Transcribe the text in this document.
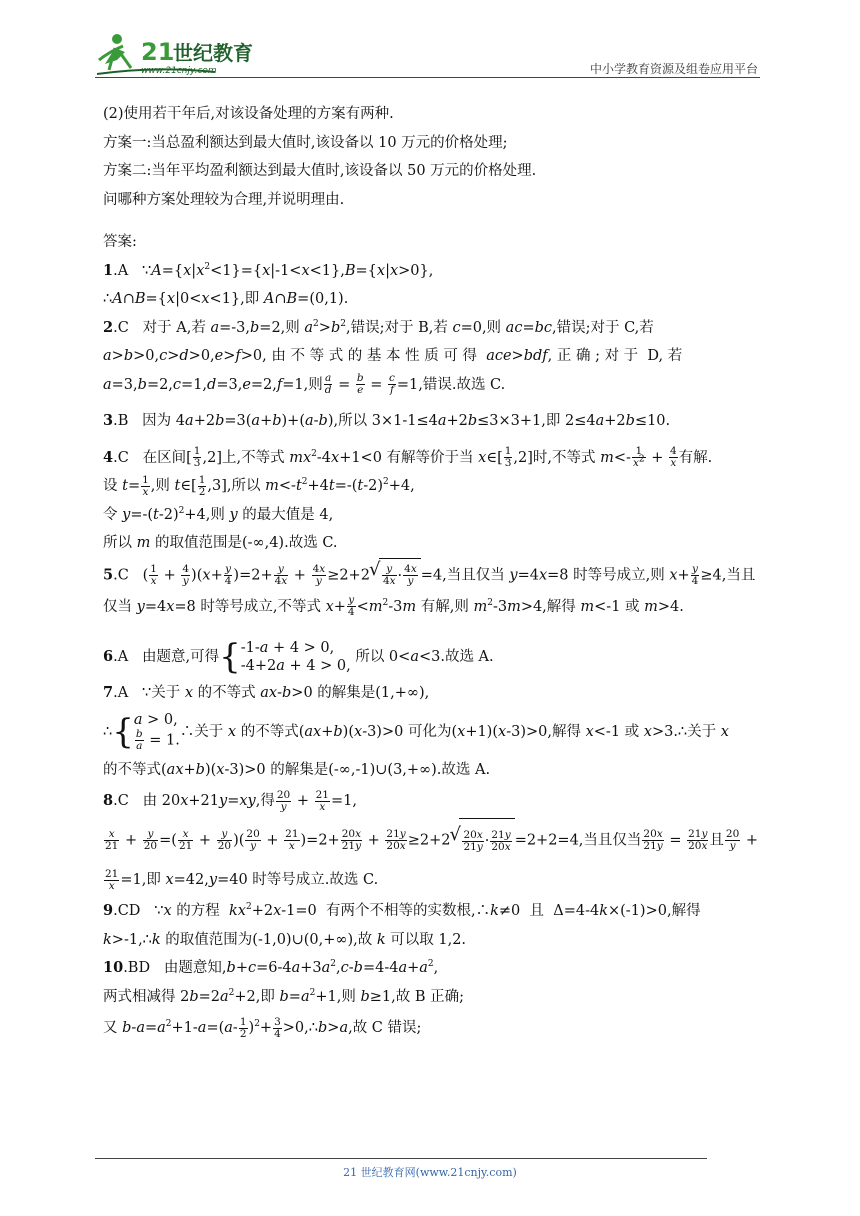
21
世纪教育
www.21cnjy.com	中小学教育资源及组卷应用平台
(2)使用若干年后,对该设备处理的方案有两种.
方案一:当总盈利额达到最大值时,该设备以 10 万元的价格处理;
方案二:当年平均盈利额达到最大值时,该设备以 50 万元的价格处理.
问哪种方案处理较为合理,并说明理由.
答案:
1.A   $\because A=\{x|x^2<1\}=\{x|-1<x<1\},B=\{x|x>0\}$,
∴A∩B={x|0<x<1},即 A∩B=(0,1).
2.C   对于 A,若 a=-3,b=2,则 $a^2>b^2$,错误;对于 B,若 c=0,则 ac=bc,错误;对于 C,若
a>b>0,c>d>0,e>f>0, 由 不 等 式 的 基 本 性 质 可 得  ace>bdf, 正 确 ; 对 于  D, 若
a=3,b=2,c=1,d=3,e=2,f=1,则 $\frac{a}{d} = \frac{b}{e} = \frac{c}{f} =1$,错误.故选 C.
3.B   因为 4a+2b=3(a+b)+(a-b),所以 3×1-1≤4a+2b≤3×3+1,即 2≤4a+2b≤10.
4.C   在区间[ $\frac{1}{3} ,2$]上,不等式 $mx^2-4x+1<0$ 有解等价于当 x∈[ $\frac{1}{3} ,2$]时,不等式 $m<- \frac{1}{x^2} + \frac{4}{x}$ 有解.
设 $t= \frac{1}{x}$ ,则 t∈[ $\frac{1}{2} ,3$],所以 $m<-t^2+4t=-(t-2)^2+4$,
令 $y=-(t-2)^2+4$,则 y 的最大值是 4,
所以 m 的取值范围是(-∞,4).故选 C.
5.C   ( $\frac{1}{x} + \frac{4}{y} )(x+ \frac{y}{4} )=2+ \frac{y}{4x} + \frac{4x}{y} \ge 2+2$ √ $\frac{y}{4x} \cdot \frac{4x}{y} =4$,当且仅当 y=4x=8 时等号成立,则 $x+ \frac{y}{4} \ge 4$,当且
仅当 y=4x=8 时等号成立,不等式 $x+ \frac{y}{4} <m^2-3m$ 有解,则 $m^2-3m>4$,解得 m<-1 或 m>4.
6.A   由题意,可得{-1-a + 4 > 0,
-4+2a + 4 > 0, 所以 0<a<3.故选 A.
7.A   ∵关于 x 的不等式 ax-b>0 的解集是(1,+∞),
∴{a > 0,

$\frac{b}{a}$ = 1.∴关于 x 的不等式(ax+b)(x-3)>0 可化为(x+1)(x-3)>0,解得 x<-1 或 x>3.∴关于 x
的不等式(ax+b)(x-3)>0 的解集是(-∞,-1)∪(3,+∞).故选 A.
8.C   由 20x+21y=xy,得 $\frac{20}{y} + \frac{21}{x} =1$,
$\frac{x}{21} + \frac{y}{20}$ =( $\frac{x}{21} + \frac{y}{20}$ )( $\frac{20}{y} + \frac{21}{x} )=2+ \frac{20x}{21y} + \frac{21y}{20x} \ge 2+2$ √ $\frac{20x}{21y} \cdot \frac{21y}{20x} =2+2=4$,当且仅当 $\frac{20x}{21y} = \frac{21y}{20x}$ 且 $\frac{20}{y}$ +
$\frac{21}{x} =1$,即 x=42,y=40 时等号成立.故选 C.
9.CD   ∵x 的方程  $kx^2+2x-1=0$  有两个不相等的实数根,∴k≠0  且  Δ=4-4k×(-1)>0,解得
k>-1,∴k 的取值范围为(-1,0)∪(0,+∞),故 k 可以取 1,2.
10.BD   由题意知$,b+c=6-4a+3a^2,c-b=4-4a+a^2$,
两式相减得 $2b=2a^2+2$,即 $b=a^2+1$,则 b≥1,故 B 正确;
又 $b-a=a^2+1-a=(a- \frac{1}{2} )^2+ \frac{3}{4}$ >0,∴b>a,故 C 错误;
21 世纪教育网(www.21cnjy.com)
